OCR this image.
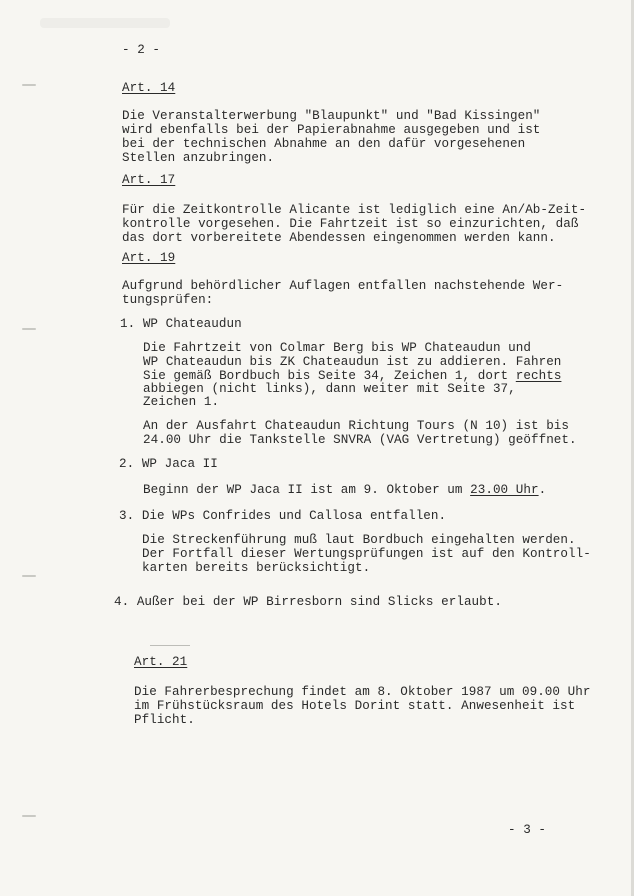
- 2 -
Art. 14
Die Veranstalterwerbung "Blaupunkt" und "Bad Kissingen"
wird ebenfalls bei der Papierabnahme ausgegeben und ist
bei der technischen Abnahme an den dafür vorgesehenen
Stellen anzubringen.
Art. 17
Für die Zeitkontrolle Alicante ist lediglich eine An/Ab-Zeit-
kontrolle vorgesehen. Die Fahrtzeit ist so einzurichten, daß
das dort vorbereitete Abendessen eingenommen werden kann.
Art. 19
Aufgrund behördlicher Auflagen entfallen nachstehende Wer-
tungsprüfen:
1. WP Chateaudun
Die Fahrtzeit von Colmar Berg bis WP Chateaudun und
WP Chateaudun bis ZK Chateaudun ist zu addieren. Fahren
Sie gemäß Bordbuch bis Seite 34, Zeichen 1, dort rechts
abbiegen (nicht links), dann weiter mit Seite 37,
Zeichen 1.
An der Ausfahrt Chateaudun Richtung Tours (N 10) ist bis
24.00 Uhr die Tankstelle SNVRA (VAG Vertretung) geöffnet.
2. WP Jaca II
Beginn der WP Jaca II ist am 9. Oktober um 23.00 Uhr.
3. Die WPs Confrides und Callosa entfallen.
Die Streckenführung muß laut Bordbuch eingehalten werden.
Der Fortfall dieser Wertungsprüfungen ist auf den Kontroll-
karten bereits berücksichtigt.
4. Außer bei der WP Birresborn sind Slicks erlaubt.
Art. 21
Die Fahrerbesprechung findet am 8. Oktober 1987 um 09.00 Uhr
im Frühstücksraum des Hotels Dorint statt. Anwesenheit ist
Pflicht.
- 3 -
